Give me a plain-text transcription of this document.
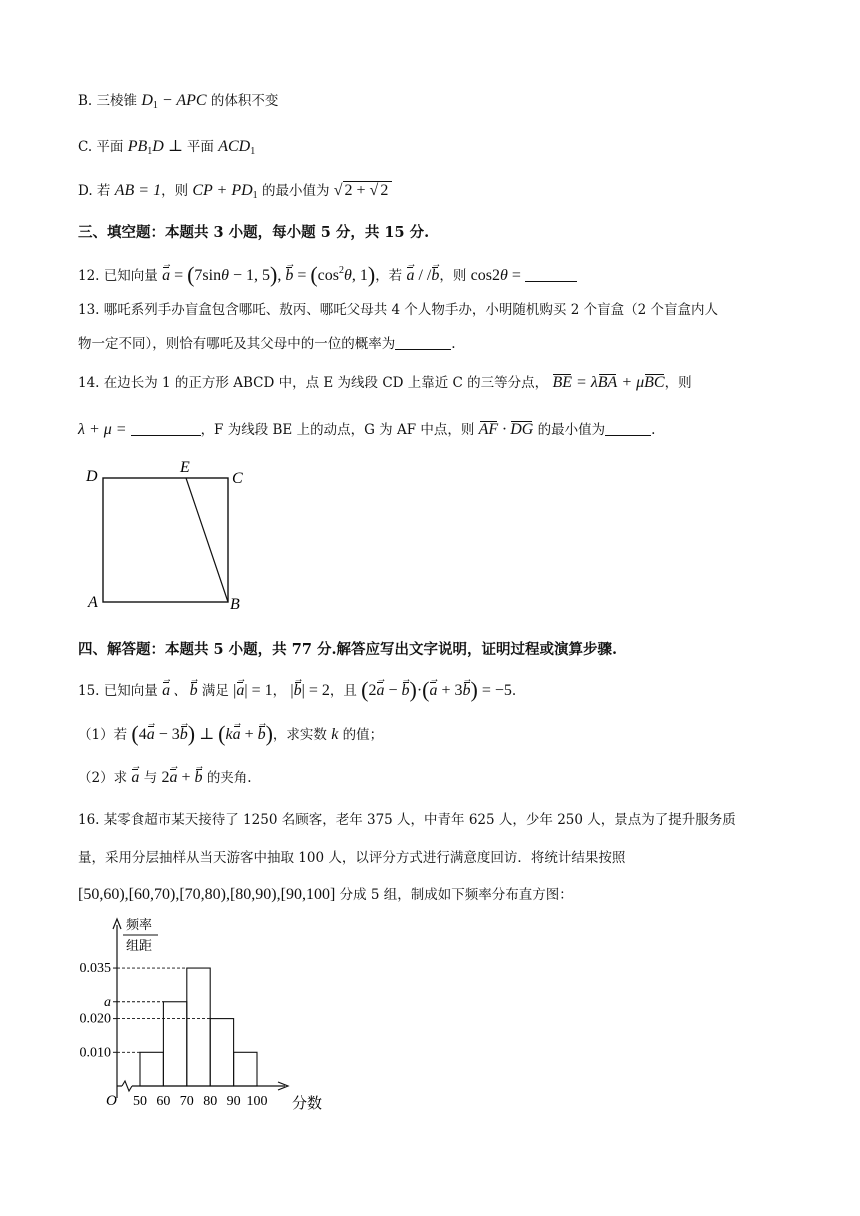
B. 三棱锥 $D_1$ − APC 的体积不变
C. 平面 $PB_1D$ ⊥ 平面 $ACD_1$
D. 若 AB = 1，则 CP + $PD_1$ 的最小值为 √ 2 + √ 2
三、填空题：本题共 3 小题，每小题 5 分，共 15 分.
12. 已知向量 a → = (7sinθ − 1, 5), b → = ($\cos^2\theta$, 1)，若 a → / /b →，则 cos2θ =
13. 哪吒系列手办盲盒包含哪吒、敖丙、哪吒父母共 4 个人物手办，小明随机购买 2 个盲盒（2 个盲盒内人
物一定不同），则恰有哪吒及其父母中的一位的概率为	.
14. 在边长为 1 的正方形 ABCD 中，点 E 为线段 CD 上靠近 C 的三等分点， BE = λBA + μBC，则
λ + μ =	，F 为线段 BE 上的动点，G 为 AF 中点，则 AF · DG 的最小值为	.
D
E
C
A	B
四、解答题：本题共 5 小题，共 77 分.解答应写出文字说明，证明过程或演算步骤.
15. 已知向量 a → 、 b → 满足 |a →| = 1， |b →| = 2，且 (2a → − b →)·(a → + 3b →) = −5.
（1）若 (4a → − 3b →) ⊥ (ka → + b →)，求实数 k 的值；
（2）求 a → 与 2a → + b → 的夹角.
16. 某零食超市某天接待了 1250 名顾客，老年 375 人，中青年 625 人，少年 250 人，景点为了提升服务质
量，采用分层抽样从当天游客中抽取 100 人，以评分方式进行满意度回访．将统计结果按照
[50,60),[60,70),[70,80),[80,90),[90,100] 分成 5 组，制成如下频率分布直方图：
O
频率
组距
分数
0.010
0.020
a
0.035
50 60 70 80 90 100
